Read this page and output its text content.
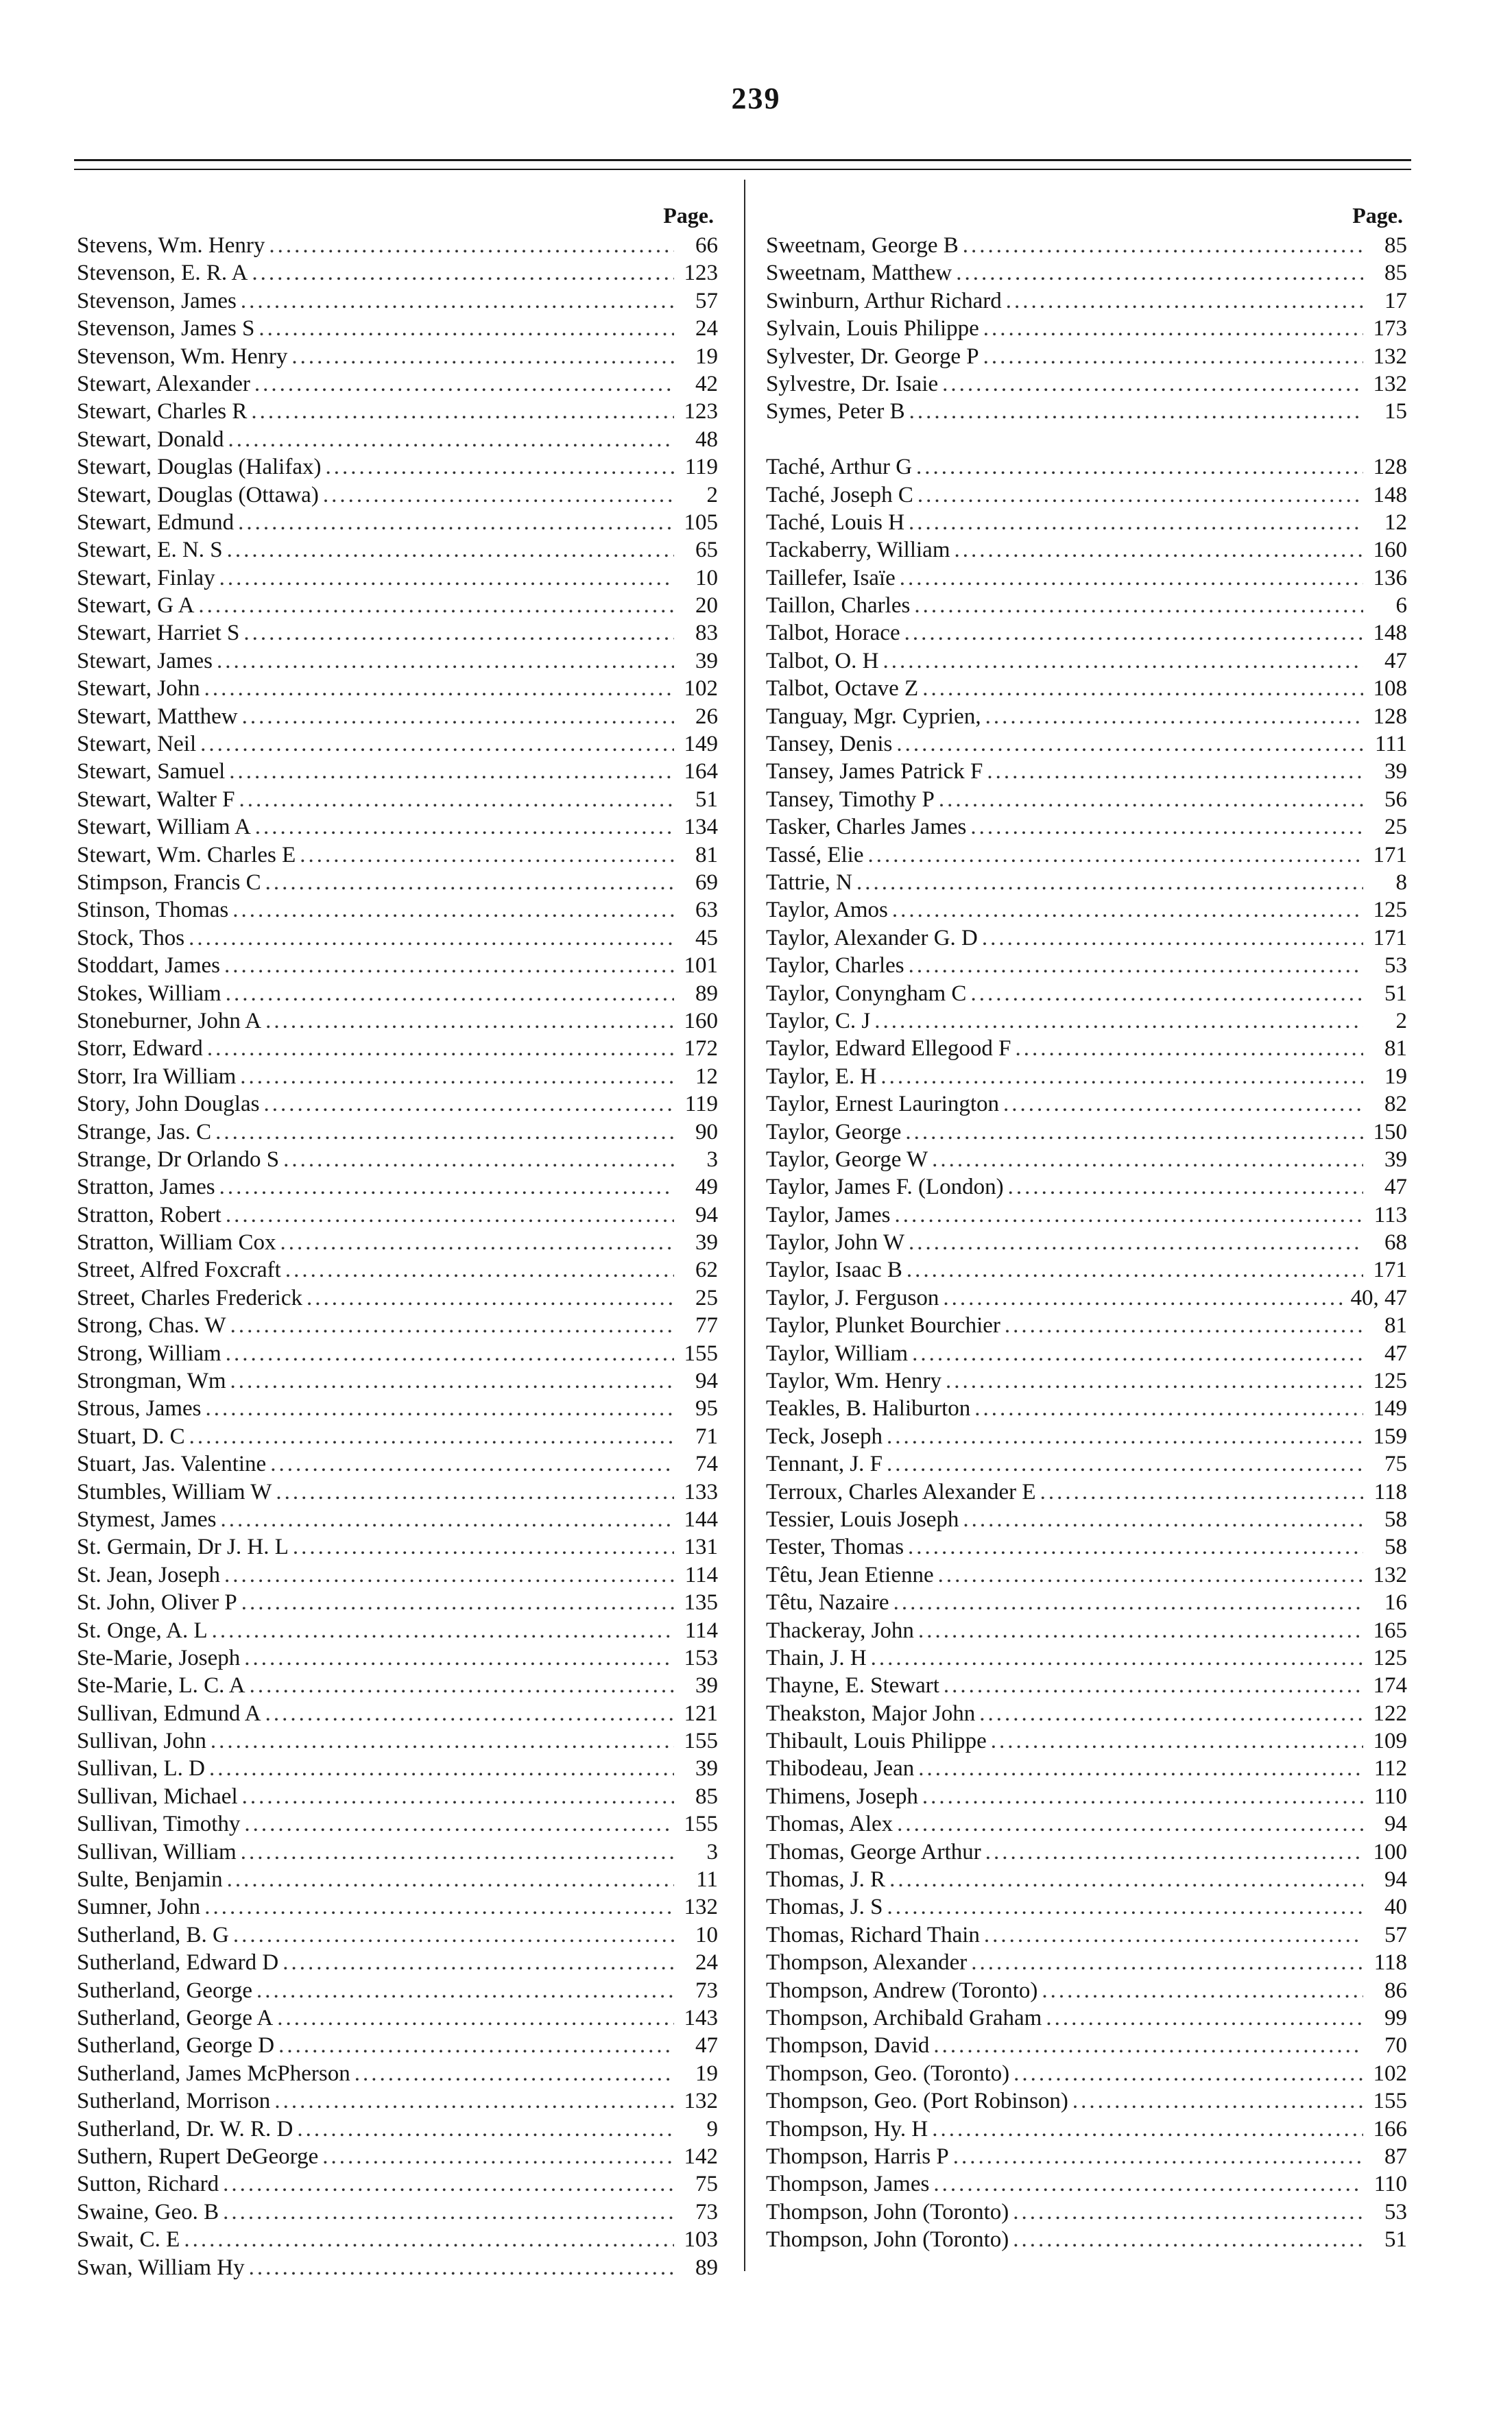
239
Page.
Stevens, Wm. Henry .....	66
Stevenson, E. R. A .....	123
Stevenson, James .....	57
Stevenson, James S .....	24
Stevenson, Wm. Henry .....	19
Stewart, Alexander .....	42
Stewart, Charles R .....	123
Stewart, Donald .....	48
Stewart, Douglas (Halifax) .....	119
Stewart, Douglas (Ottawa) .....	2
Stewart, Edmund .....	105
Stewart, E. N. S .....	65
Stewart, Finlay .....	10
Stewart, G A .....	20
Stewart, Harriet S .....	83
Stewart, James .....	39
Stewart, John .....	102
Stewart, Matthew .....	26
Stewart, Neil .....	149
Stewart, Samuel .....	164
Stewart, Walter F .....	51
Stewart, William A .....	134
Stewart, Wm. Charles E .....	81
Stimpson, Francis C .....	69
Stinson, Thomas .....	63
Stock, Thos .....	45
Stoddart, James .....	101
Stokes, William .....	89
Stoneburner, John A .....	160
Storr, Edward .....	172
Storr, Ira William .....	12
Story, John Douglas .....	119
Strange, Jas. C .....	90
Strange, Dr Orlando S .....	3
Stratton, James .....	49
Stratton, Robert .....	94
Stratton, William Cox .....	39
Street, Alfred Foxcraft .....	62
Street, Charles Frederick .....	25
Strong, Chas. W .....	77
Strong, William .....	155
Strongman, Wm .....	94
Strous, James .....	95
Stuart, D. C .....	71
Stuart, Jas. Valentine .....	74
Stumbles, William W .....	133
Stymest, James .....	144
St. Germain, Dr J. H. L .....	131
St. Jean, Joseph .....	114
St. John, Oliver P .....	135
St. Onge, A. L .....	114
Ste-Marie, Joseph .....	153
Ste-Marie, L. C. A .....	39
Sullivan, Edmund A .....	121
Sullivan, John .....	155
Sullivan, L. D .....	39
Sullivan, Michael .....	85
Sullivan, Timothy .....	155
Sullivan, William .....	3
Sulte, Benjamin .....	11
Sumner, John .....	132
Sutherland, B. G .....	10
Sutherland, Edward D .....	24
Sutherland, George .....	73
Sutherland, George A .....	143
Sutherland, George D .....	47
Sutherland, James McPherson .....	19
Sutherland, Morrison .....	132
Sutherland, Dr. W. R. D .....	9
Suthern, Rupert DeGeorge .....	142
Sutton, Richard .....	75
Swaine, Geo. B .....	73
Swait, C. E .....	103
Swan, William Hy .....	89
Page.
Sweetnam, George B .....	85
Sweetnam, Matthew .....	85
Swinburn, Arthur Richard .....	17
Sylvain, Louis Philippe .....	173
Sylvester, Dr. George P .....	132
Sylvestre, Dr. Isaie .....	132
Symes, Peter B .....	15
Taché, Arthur G .....	128
Taché, Joseph C .....	148
Taché, Louis H .....	12
Tackaberry, William .....	160
Taillefer, Isaïe .....	136
Taillon, Charles .....	6
Talbot, Horace .....	148
Talbot, O. H .....	47
Talbot, Octave Z .....	108
Tanguay, Mgr. Cyprien, .....	128
Tansey, Denis .....	111
Tansey, James Patrick F .....	39
Tansey, Timothy P .....	56
Tasker, Charles James .....	25
Tassé, Elie .....	171
Tattrie, N .....	8
Taylor, Amos .....	125
Taylor, Alexander G. D .....	171
Taylor, Charles .....	53
Taylor, Conyngham C .....	51
Taylor, C. J .....	2
Taylor, Edward Ellegood F .....	81
Taylor, E. H .....	19
Taylor, Ernest Laurington .....	82
Taylor, George .....	150
Taylor, George W .....	39
Taylor, James F. (London) .....	47
Taylor, James .....	113
Taylor, John W .....	68
Taylor, Isaac B .....	171
Taylor, J. Ferguson .....	40, 47
Taylor, Plunket Bourchier .....	81
Taylor, William .....	47
Taylor, Wm. Henry .....	125
Teakles, B. Haliburton .....	149
Teck, Joseph .....	159
Tennant, J. F .....	75
Terroux, Charles Alexander E .....	118
Tessier, Louis Joseph .....	58
Tester, Thomas .....	58
Têtu, Jean Etienne .....	132
Têtu, Nazaire .....	16
Thackeray, John .....	165
Thain, J. H .....	125
Thayne, E. Stewart .....	174
Theakston, Major John .....	122
Thibault, Louis Philippe .....	109
Thibodeau, Jean .....	112
Thimens, Joseph .....	110
Thomas, Alex .....	94
Thomas, George Arthur .....	100
Thomas, J. R .....	94
Thomas, J. S .....	40
Thomas, Richard Thain .....	57
Thompson, Alexander .....	118
Thompson, Andrew (Toronto) .....	86
Thompson, Archibald Graham .....	99
Thompson, David .....	70
Thompson, Geo. (Toronto) .....	102
Thompson, Geo. (Port Robinson) .....	155
Thompson, Hy. H .....	166
Thompson, Harris P .....	87
Thompson, James .....	110
Thompson, John (Toronto) .....	53
Thompson, John (Toronto) .....	51
